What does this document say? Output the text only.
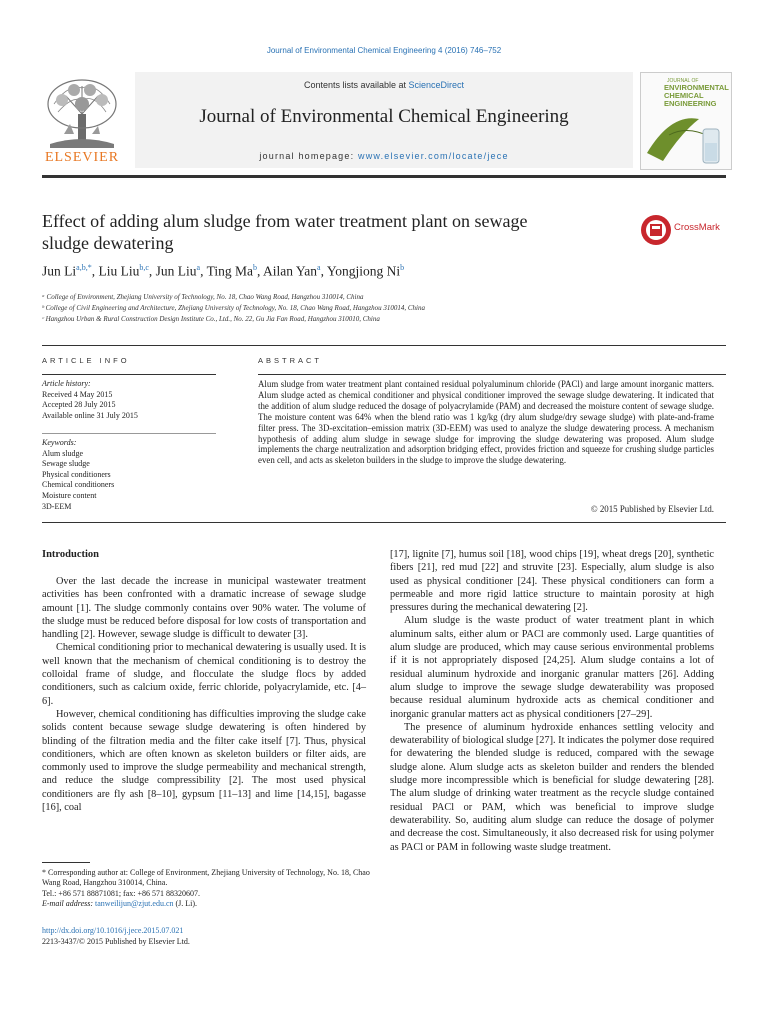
Journal of Environmental Chemical Engineering 4 (2016) 746–752
ELSEVIER
Contents lists available at ScienceDirect
Journal of Environmental Chemical Engineering
journal homepage: www.elsevier.com/locate/jece
JOURNAL OF
ENVIRONMENTAL
CHEMICAL
ENGINEERING
Effect of adding alum sludge from water treatment plant on sewage
sludge dewatering
CrossMark
Jun $Li^{a,b,*}$, Liu Liu$^{b,c}$, Jun Liu$^a$, Ting Ma$^b$, Ailan Yan$^a$, Yongjiong Ni$^b$
ᵃ College of Environment, Zhejiang University of Technology, No. 18, Chao Wang Road, Hangzhou 310014, China
ᵇ College of Civil Engineering and Architecture, Zhejiang University of Technology, No. 18, Chao Wang Road, Hangzhou 310014, China
ᶜ Hangzhou Urban & Rural Construction Design Institute Co., Ltd., No. 22, Gu Jia Fan Road, Hangzhou 310010, China
ARTICLE INFO	ABSTRACT
Article history:
Received 4 May 2015
Accepted 28 July 2015
Available online 31 July 2015
Keywords:
Alum sludge
Sewage sludge
Physical conditioners
Chemical conditioners
Moisture content
3D-EEM
Alum sludge from water treatment plant contained residual polyaluminum chloride (PACl) and large amount inorganic matters. Alum sludge acted as chemical conditioner and physical conditioner improved the sewage sludge dewatering. It indicated that the addition of alum sludge reduced the dosage of polyacrylamide (PAM) and decreased the moisture content of sewage sludge. The moisture content was 64% when the blend ratio was 1 kg/kg (dry alum sludge/dry sewage sludge) with plate-and-frame filter press. The 3D-excitation–emission matrix (3D-EEM) was used to analyze the sludge dewatering process. A mechanism hypothesis of adding alum sludge in sewage sludge for improving the sludge dewatering was proposed. Alum sludge implements the charge neutralization and adsorption bridging effect, provides friction and squeeze for crushing sludge particles even cell, and acts as skeleton builders in the sludge to improve the sludge dewatering.
© 2015 Published by Elsevier Ltd.
Introduction

Over the last decade the increase in municipal wastewater treatment activities has been confronted with a dramatic increase of sewage sludge amount [1]. The sludge commonly contains over 90% water. The volume of the sludge must be reduced before disposal for low costs of transportation and handling [2]. However, sewage sludge is difficult to dewater [3].

Chemical conditioning prior to mechanical dewatering is usually used. It is well known that the mechanism of chemical conditioning is to destroy the colloidal frame of sludge, and flocculate the sludge flocs by added conditioners, such as calcium oxide, ferric chloride, polyacrylamide, etc. [4–6].

However, chemical conditioning has difficulties improving the sludge cake solids content because sewage sludge dewatering is often hindered by blinding of the filtration media and the filter cake itself [7]. Thus, physical conditioners, which are often known as skeleton builders or filter aids, are commonly used to improve the sludge permeability and mechanical strength, and reduce the sludge compressibility [2]. The most used physical conditioners are fly ash [8–10], gypsum [11–13] and lime [14,15], bagasse [16], coal

[17], lignite [7], humus soil [18], wood chips [19], wheat dregs [20], synthetic fibers [21], red mud [22] and struvite [23]. Especially, alum sludge is also used as physical conditioner [24]. These physical conditioners can form a permeable and more rigid lattice structure to maintain porosity at high pressures during the mechanical dewatering [2].

Alum sludge is the waste product of water treatment plant in which aluminum salts, either alum or PACl are commonly used. Large quantities of alum sludge are produced, which may cause serious environmental problems if it is not appropriately disposed [24,25]. Alum sludge contains a lot of residual aluminum hydroxide and inorganic granular matters [26]. Adding alum sludge to improve the sewage sludge dewaterability was proposed because residual aluminum hydroxide acts as chemical conditioner and inorganic granular matters act as physical conditioners [27–29].

The presence of aluminum hydroxide enhances settling velocity and dewaterability of biological sludge [27]. It indicates the polymer dose required for dewatering the blended sludge is reduced, compared with the sewage sludge alone. Alum sludge acts as skeleton builder and renders the blended sludge more incompressible which is beneficial for sludge dewatering [28]. The alum sludge of drinking water treatment as the recycle sludge contained residual PACl or PAM, which was beneficial to improve sludge dewaterability. So, auditing alum sludge can reduce the dosage of polymer and decrease the cost. Simultaneously, it also decreased risk for using polymer as PACl or PAM in following waste sludge treatment.

* Corresponding author at: College of Environment, Zhejiang University of Technology, No. 18, Chao Wang Road, Hangzhou 310014, China.
Tel.: +86 571 88871081; fax: +86 571 88320607.
E-mail address: tanweilijun@zjut.edu.cn (J. Li).
http://dx.doi.org/10.1016/j.jece.2015.07.021
2213-3437/© 2015 Published by Elsevier Ltd.
